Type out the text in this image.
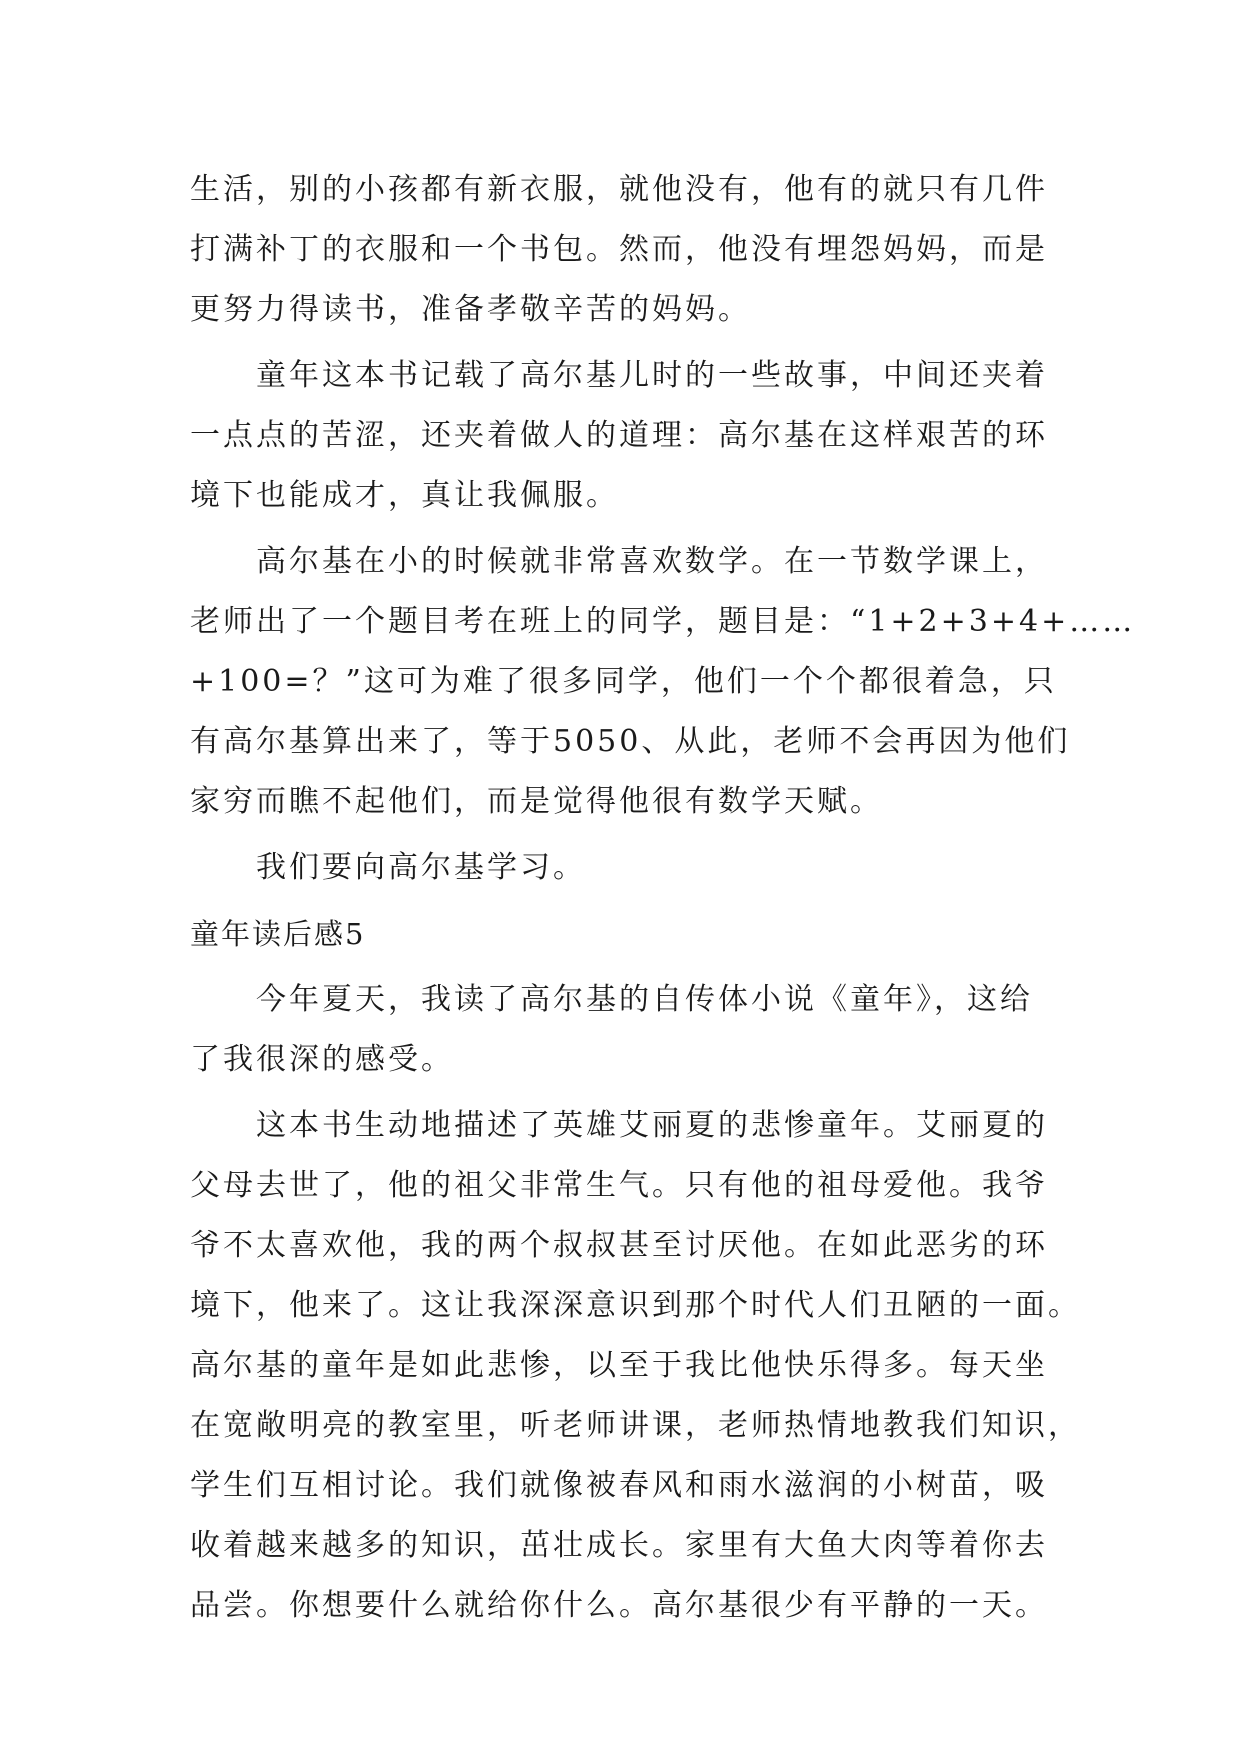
生活，别的小孩都有新衣服，就他没有，他有的就只有几件
打满补丁的衣服和一个书包。然而，他没有埋怨妈妈，而是
更努力得读书，准备孝敬辛苦的妈妈。
童年这本书记载了高尔基儿时的一些故事，中间还夹着
一点点的苦涩，还夹着做人的道理：高尔基在这样艰苦的环
境下也能成才，真让我佩服。
高尔基在小的时候就非常喜欢数学。在一节数学课上，
老师出了一个题目考在班上的同学，题目是：“1+2+3+4+……
+100=？”这可为难了很多同学，他们一个个都很着急，只
有高尔基算出来了，等于5050、从此，老师不会再因为他们
家穷而瞧不起他们，而是觉得他很有数学天赋。
我们要向高尔基学习。
童年读后感5
今年夏天，我读了高尔基的自传体小说《童年》，这给
了我很深的感受。
这本书生动地描述了英雄艾丽夏的悲惨童年。艾丽夏的
父母去世了，他的祖父非常生气。只有他的祖母爱他。我爷
爷不太喜欢他，我的两个叔叔甚至讨厌他。在如此恶劣的环
境下，他来了。这让我深深意识到那个时代人们丑陋的一面。
高尔基的童年是如此悲惨，以至于我比他快乐得多。每天坐
在宽敞明亮的教室里，听老师讲课，老师热情地教我们知识，
学生们互相讨论。我们就像被春风和雨水滋润的小树苗，吸
收着越来越多的知识，茁壮成长。家里有大鱼大肉等着你去
品尝。你想要什么就给你什么。高尔基很少有平静的一天。
